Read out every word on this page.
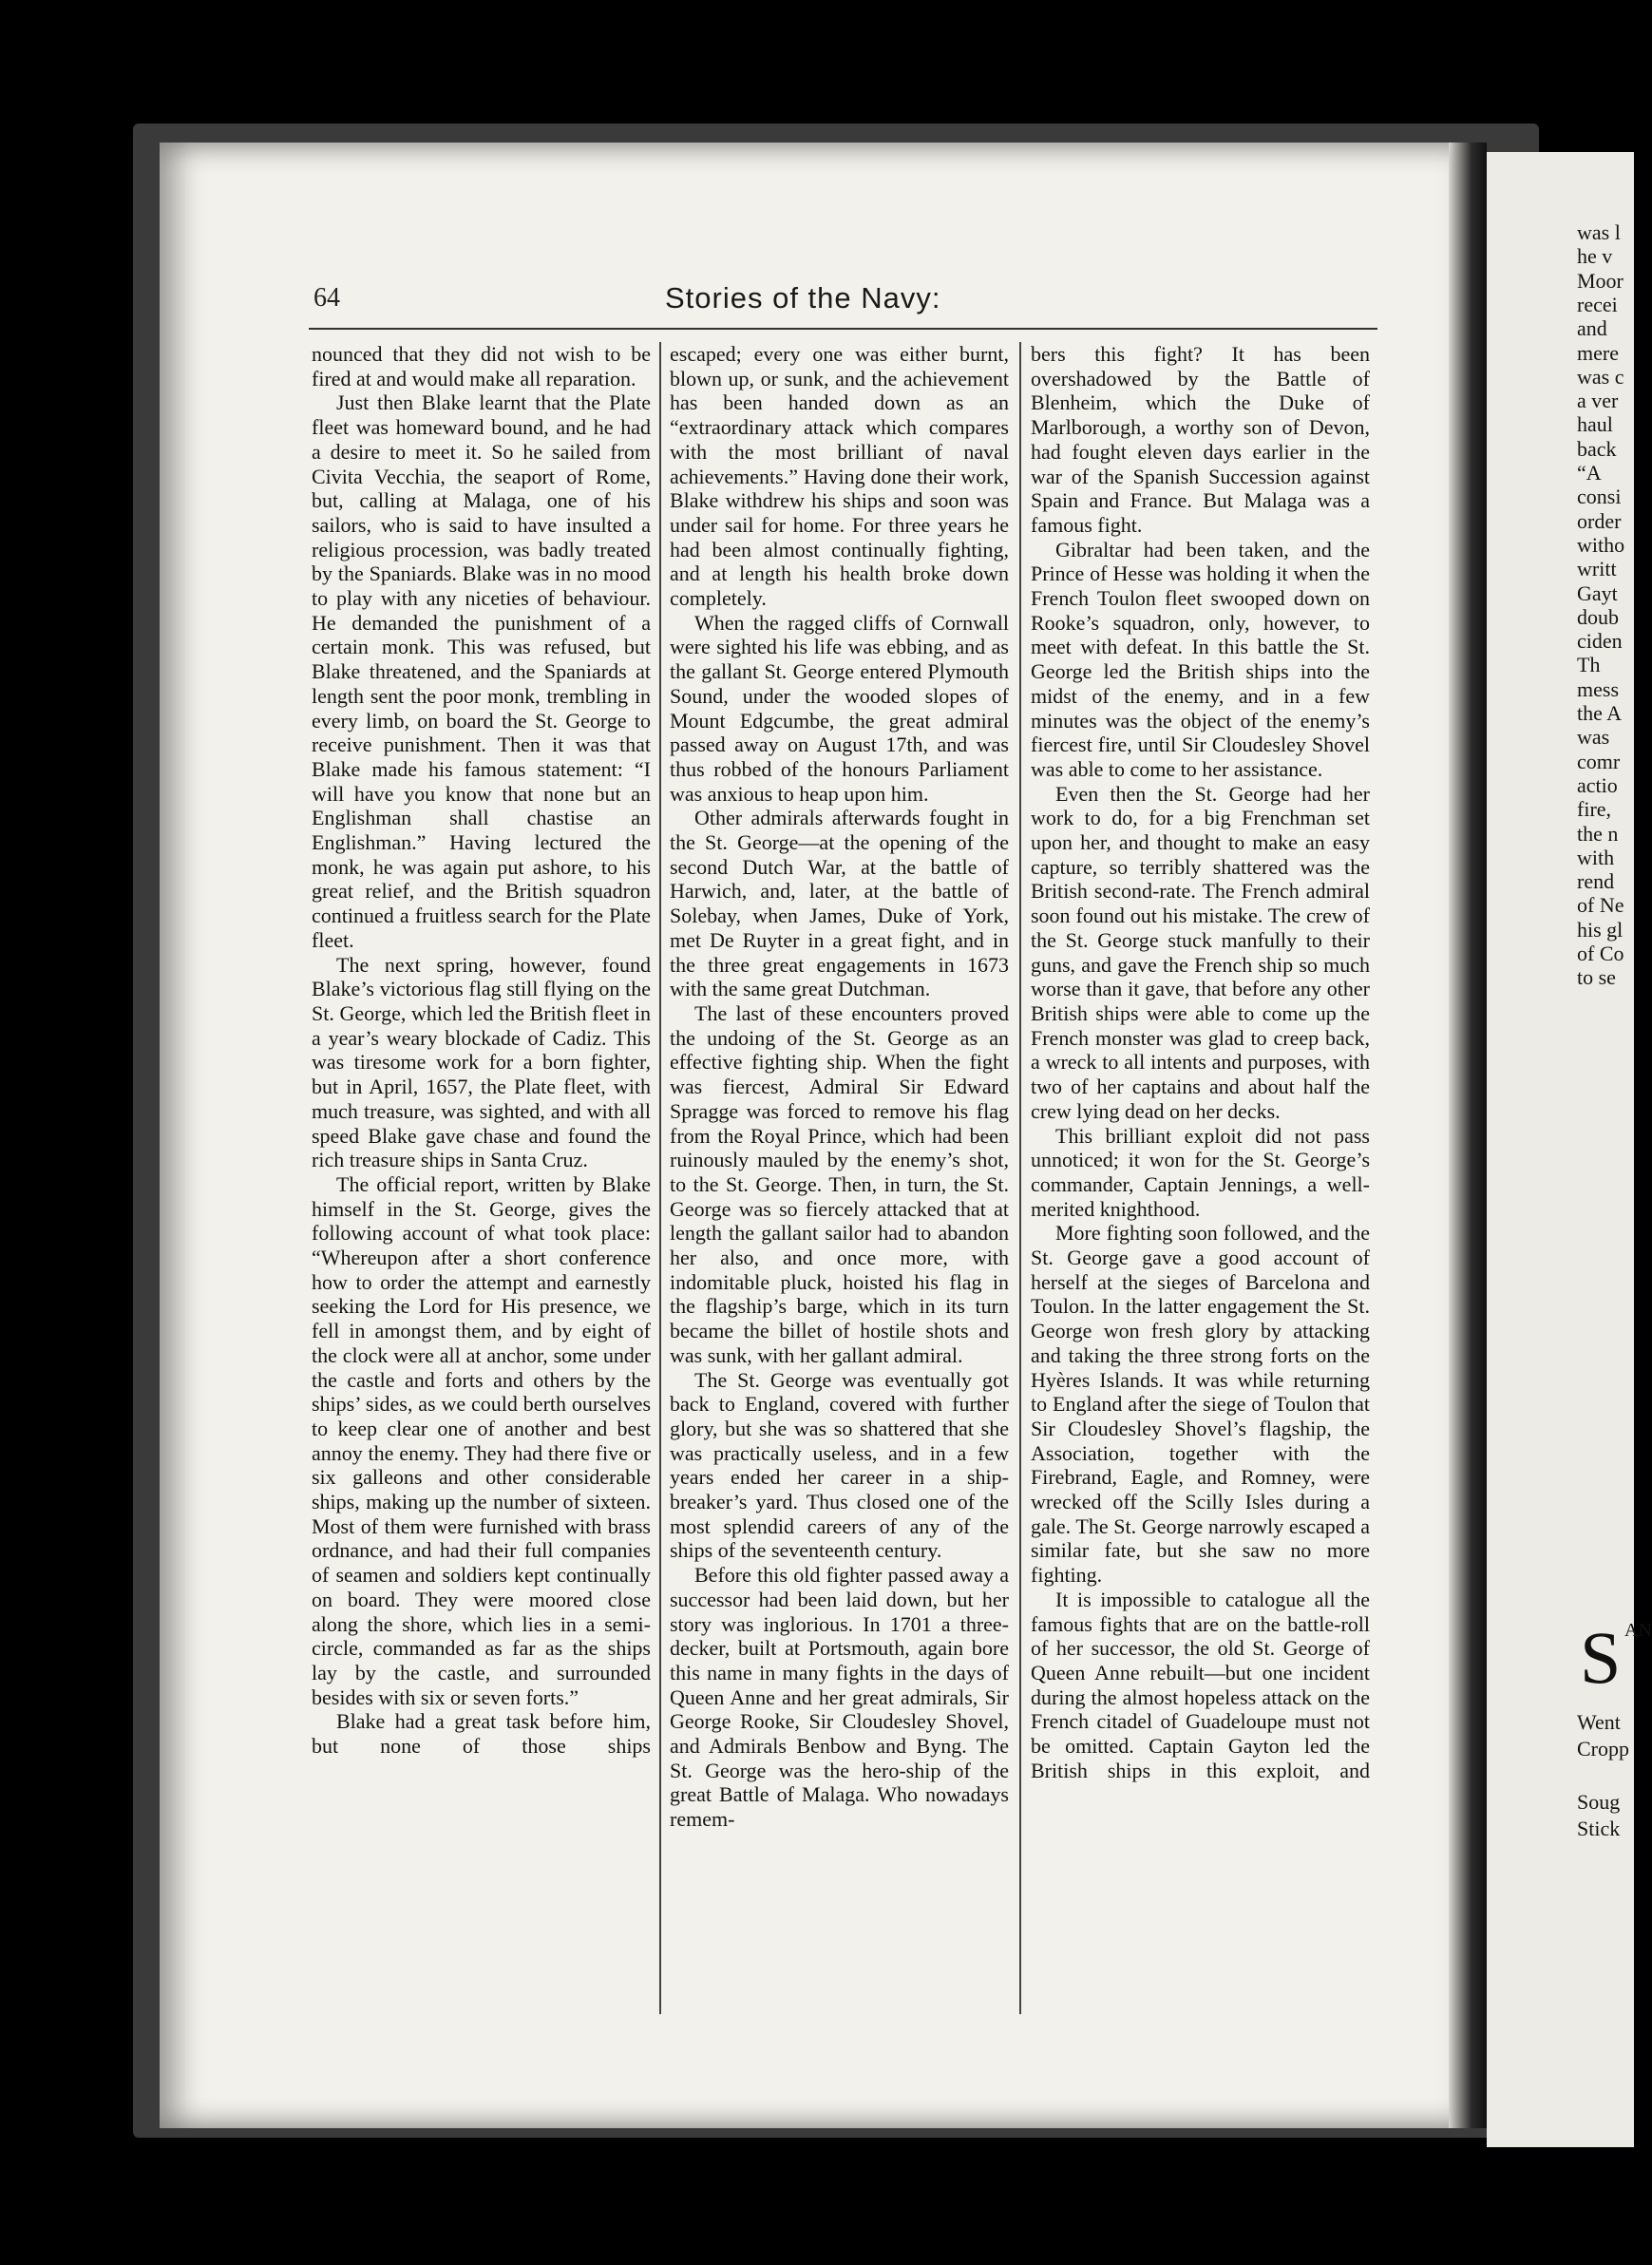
was l
he v
Moor
recei
and
mere
was c
a ver
haul
back
“A
consi
order
witho
writt
Gayt
doub
ciden
Th
mess
the A
was
comr
actio
fire,
the n
with
rend
of Ne
his gl
of Co
to se
S AN
Went
Cropp
Soug
Stick
64	Stories of the Navy:

nounced that they did not wish to be fired at and would make all reparation.

Just then Blake learnt that the Plate fleet was homeward bound, and he had a desire to meet it. So he sailed from Civita Vecchia, the seaport of Rome, but, calling at Malaga, one of his sailors, who is said to have insulted a religious procession, was badly treated by the Spaniards. Blake was in no mood to play with any niceties of behaviour. He demanded the punishment of a certain monk. This was refused, but Blake threatened, and the Spaniards at length sent the poor monk, trembling in every limb, on board the St. George to receive punishment. Then it was that Blake made his famous statement: “I will have you know that none but an Englishman shall chastise an Englishman.” Having lectured the monk, he was again put ashore, to his great relief, and the British squadron continued a fruitless search for the Plate fleet.

The next spring, however, found Blake’s victorious flag still flying on the St. George, which led the British fleet in a year’s weary blockade of Cadiz. This was tiresome work for a born fighter, but in April, 1657, the Plate fleet, with much treasure, was sighted, and with all speed Blake gave chase and found the rich treasure ships in Santa Cruz.

The official report, written by Blake himself in the St. George, gives the following account of what took place: “Whereupon after a short conference how to order the attempt and earnestly seeking the Lord for His presence, we fell in amongst them, and by eight of the clock were all at anchor, some under the castle and forts and others by the ships’ sides, as we could berth ourselves to keep clear one of another and best annoy the enemy. They had there five or six galleons and other considerable ships, making up the number of sixteen. Most of them were furnished with brass ordnance, and had their full companies of seamen and soldiers kept continually on board. They were moored close along the shore, which lies in a semi-circle, commanded as far as the ships lay by the castle, and surrounded besides with six or seven forts.”

Blake had a great task before him, but none of those ships

escaped; every one was either burnt, blown up, or sunk, and the achievement has been handed down as an “extraordinary attack which compares with the most brilliant of naval achievements.” Having done their work, Blake withdrew his ships and soon was under sail for home. For three years he had been almost continually fighting, and at length his health broke down completely.

When the ragged cliffs of Cornwall were sighted his life was ebbing, and as the gallant St. George entered Plymouth Sound, under the wooded slopes of Mount Edgcumbe, the great admiral passed away on August 17th, and was thus robbed of the honours Parliament was anxious to heap upon him.

Other admirals afterwards fought in the St. George—at the opening of the second Dutch War, at the battle of Harwich, and, later, at the battle of Solebay, when James, Duke of York, met De Ruyter in a great fight, and in the three great engagements in 1673 with the same great Dutchman.

The last of these encounters proved the undoing of the St. George as an effective fighting ship. When the fight was fiercest, Admiral Sir Edward Spragge was forced to remove his flag from the Royal Prince, which had been ruinously mauled by the enemy’s shot, to the St. George. Then, in turn, the St. George was so fiercely attacked that at length the gallant sailor had to abandon her also, and once more, with indomitable pluck, hoisted his flag in the flagship’s barge, which in its turn became the billet of hostile shots and was sunk, with her gallant admiral.

The St. George was eventually got back to England, covered with further glory, but she was so shattered that she was practically useless, and in a few years ended her career in a ship-breaker’s yard. Thus closed one of the most splendid careers of any of the ships of the seventeenth century.

Before this old fighter passed away a successor had been laid down, but her story was inglorious. In 1701 a three-decker, built at Portsmouth, again bore this name in many fights in the days of Queen Anne and her great admirals, Sir George Rooke, Sir Cloudesley Shovel, and Admirals Benbow and Byng. The St. George was the hero-ship of the great Battle of Malaga. Who nowadays remem-

bers this fight? It has been overshadowed by the Battle of Blenheim, which the Duke of Marlborough, a worthy son of Devon, had fought eleven days earlier in the war of the Spanish Succession against Spain and France. But Malaga was a famous fight.

Gibraltar had been taken, and the Prince of Hesse was holding it when the French Toulon fleet swooped down on Rooke’s squadron, only, however, to meet with defeat. In this battle the St. George led the British ships into the midst of the enemy, and in a few minutes was the object of the enemy’s fiercest fire, until Sir Cloudesley Shovel was able to come to her assistance.

Even then the St. George had her work to do, for a big Frenchman set upon her, and thought to make an easy capture, so terribly shattered was the British second-rate. The French admiral soon found out his mistake. The crew of the St. George stuck manfully to their guns, and gave the French ship so much worse than it gave, that before any other British ships were able to come up the French monster was glad to creep back, a wreck to all intents and purposes, with two of her captains and about half the crew lying dead on her decks.

This brilliant exploit did not pass unnoticed; it won for the St. George’s commander, Captain Jennings, a well-merited knighthood.

More fighting soon followed, and the St. George gave a good account of herself at the sieges of Barcelona and Toulon. In the latter engagement the St. George won fresh glory by attacking and taking the three strong forts on the Hyères Islands. It was while returning to England after the siege of Toulon that Sir Cloudesley Shovel’s flagship, the Association, together with the Firebrand, Eagle, and Romney, were wrecked off the Scilly Isles during a gale. The St. George narrowly escaped a similar fate, but she saw no more fighting.

It is impossible to catalogue all the famous fights that are on the battle-roll of her successor, the old St. George of Queen Anne rebuilt—but one incident during the almost hopeless attack on the French citadel of Guadeloupe must not be omitted. Captain Gayton led the British ships in this exploit, and
